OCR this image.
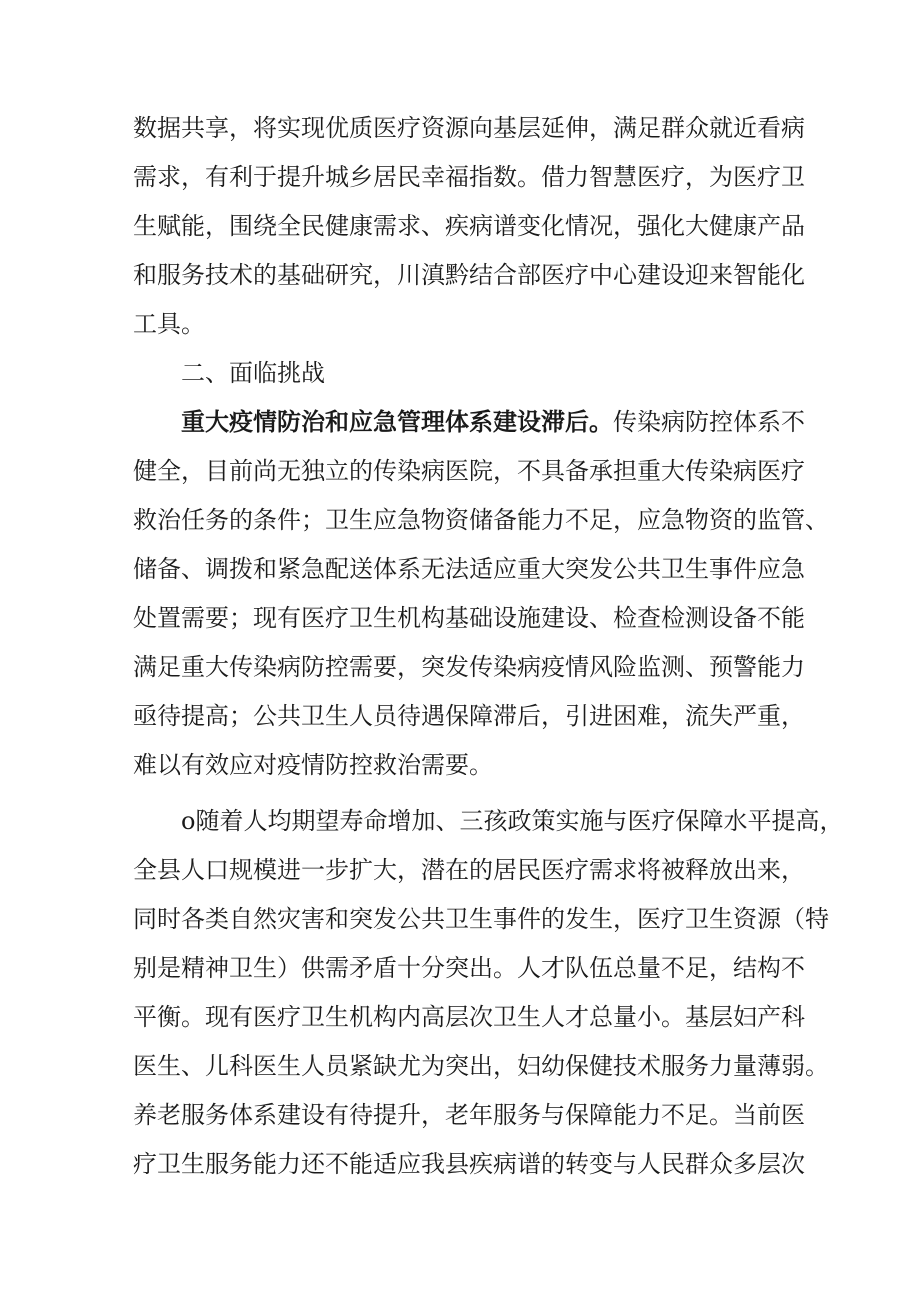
数据共享，将实现优质医疗资源向基层延伸，满足群众就近看病
需求，有利于提升城乡居民幸福指数。借力智慧医疗，为医疗卫
生赋能，围绕全民健康需求、疾病谱变化情况，强化大健康产品
和服务技术的基础研究，川滇黔结合部医疗中心建设迎来智能化
工具。
二、面临挑战
重大疫情防治和应急管理体系建设滞后。传染病防控体系不
健全，目前尚无独立的传染病医院，不具备承担重大传染病医疗
救治任务的条件；卫生应急物资储备能力不足，应急物资的监管、
储备、调拨和紧急配送体系无法适应重大突发公共卫生事件应急
处置需要；现有医疗卫生机构基础设施建设、检查检测设备不能
满足重大传染病防控需要，突发传染病疫情风险监测、预警能力
亟待提高；公共卫生人员待遇保障滞后，引进困难，流失严重，
难以有效应对疫情防控救治需要。
o随着人均期望寿命增加、三孩政策实施与医疗保障水平提高，
全县人口规模进一步扩大，潜在的居民医疗需求将被释放出来，
同时各类自然灾害和突发公共卫生事件的发生，医疗卫生资源（特
别是精神卫生）供需矛盾十分突出。人才队伍总量不足，结构不
平衡。现有医疗卫生机构内高层次卫生人才总量小。基层妇产科
医生、儿科医生人员紧缺尤为突出，妇幼保健技术服务力量薄弱。
养老服务体系建设有待提升，老年服务与保障能力不足。当前医
疗卫生服务能力还不能适应我县疾病谱的转变与人民群众多层次
